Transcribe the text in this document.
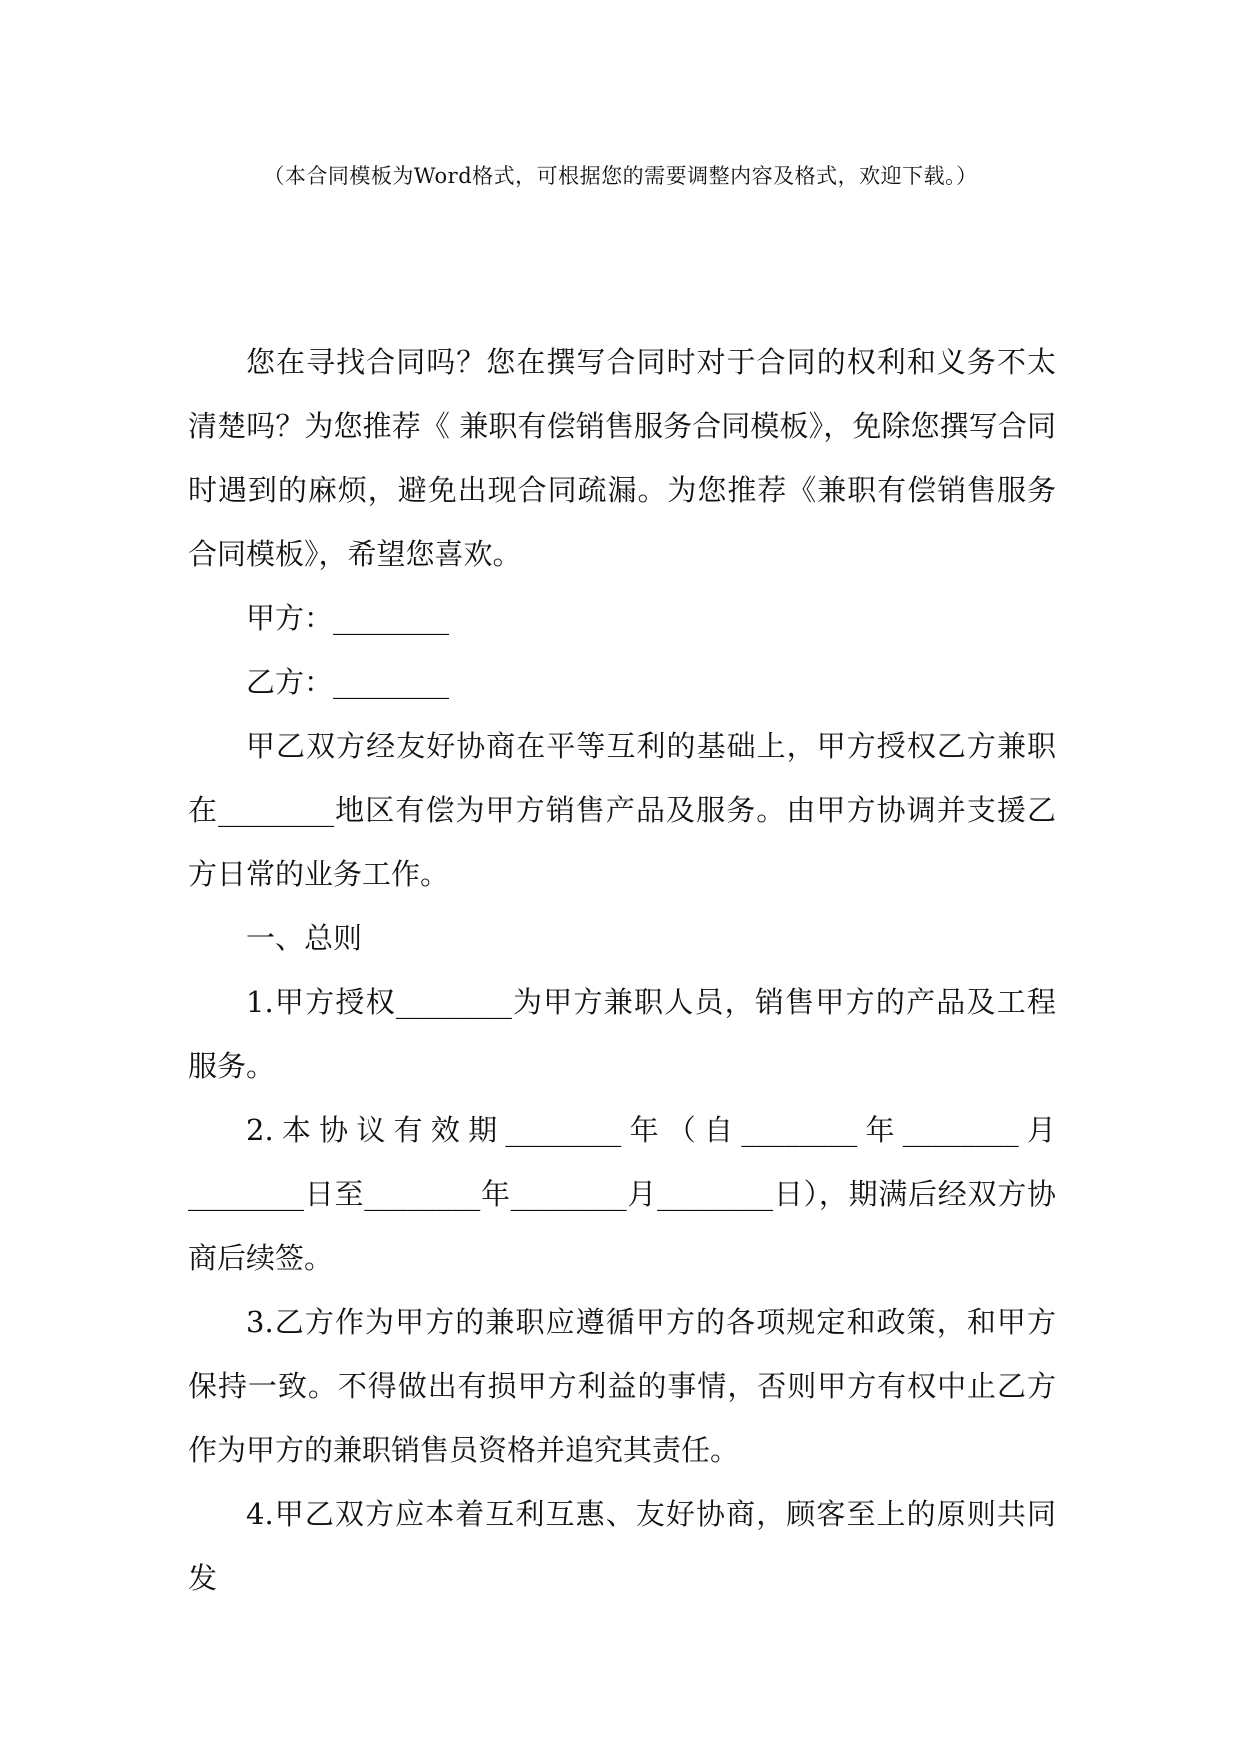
（本合同模板为Word格式，可根据您的需要调整内容及格式，欢迎下载。）

您在寻找合同吗？您在撰写合同时对于合同的权利和义务不太清楚吗？为您推荐《 兼职有偿销售服务合同模板》，免除您撰写合同时遇到的麻烦，避免出现合同疏漏。为您推荐《兼职有偿销售服务合同模板》，希望您喜欢。

甲方：________

乙方：________

甲乙双方经友好协商在平等互利的基础上，甲方授权乙方兼职在________地区有偿为甲方销售产品及服务。由甲方协调并支援乙方日常的业务工作。

一、总则

1.甲方授权________为甲方兼职人员，销售甲方的产品及工程服务。

2.本协议有效期________年（自________年________月________日至________年________月________日），期满后经双方协商后续签。

3.乙方作为甲方的兼职应遵循甲方的各项规定和政策，和甲方保持一致。不得做出有损甲方利益的事情，否则甲方有权中止乙方作为甲方的兼职销售员资格并追究其责任。

4.甲乙双方应本着互利互惠、友好协商，顾客至上的原则共同发
